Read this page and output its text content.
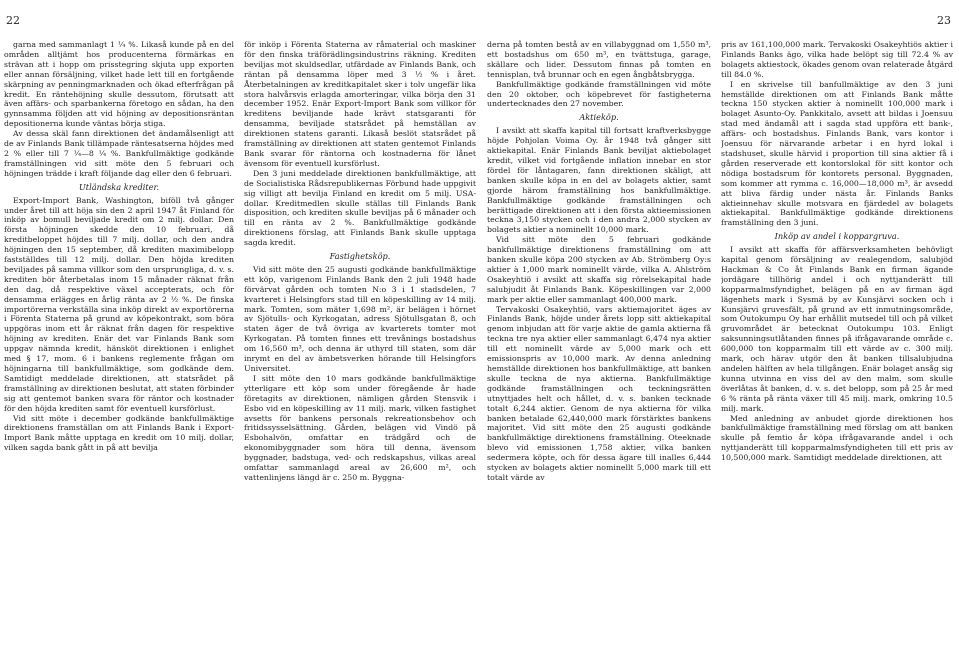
22

garna med sammanlagt 1 ¼ %. Likaså kunde på en del områden alltjämt hos producenterna förmärkas en strävan att i hopp om prisstegring skjuta upp exporten eller annan försäljning, vilket hade lett till en fortgående skärpning av penningmarknaden och ökad efterfrågan på kredit. En räntehöjning skulle dessutom, förutsatt att även affärs- och sparbankerna företogo en sådan, ha den gynnsamma följden att vid höjning av depositionsräntan depositionerna kunde väntas börja stiga.

Av dessa skäl fann direktionen det ändamålsenligt att de av Finlands Bank tillämpade räntesatserna höjdes med 2 % eller till 7 ¼—8 ¼ %. Bankfullmäktige godkände framställningen vid sitt möte den 5 februari och höjningen trädde i kraft följande dag eller den 6 februari.

Utländska krediter.

Export-Import Bank, Washington, biföll två gånger under året till att höja sin den 2 april 1947 åt Finland för inköp av bomull beviljade kredit om 2 milj. dollar. Den första höjningen skedde den 10 februari, då kreditbeloppet höjdes till 7 milj. dollar, och den andra höjningen den 15 september, då krediten maximibelopp fastställdes till 12 milj. dollar. Den höjda krediten beviljades på samma villkor som den ursprungliga, d. v. s. krediten bör återbetalas inom 15 månader räknat från den dag, då respektive växel accepterats, och för densamma erlägges en årlig ränta av 2 ½ %. De finska importörerna verkställa sina inköp direkt av exportörerna i Förenta Staterna på grund av köpekontrakt, som böra uppgöras inom ett år räknat från dagen för respektive höjning av krediten. Enär det var Finlands Bank som uppgav nämnda kredit, hänsköt direktionen i enlighet med § 17, mom. 6 i bankens reglemente frågan om höjningarna till bankfullmäktige, som godkände dem. Samtidigt meddelade direktionen, att statsrådet på framställning av direktionen beslutat, att staten förbinder sig att gentemot banken svara för räntor och kostnader för den höjda krediten samt för eventuell kursförlust.

Vid sitt möte i december godkände bankfullmäktige direktionens framställan om att Finlands Bank i Export-Import Bank måtte upptaga en kredit om 10 milj. dollar, vilken sagda bank gått in på att bevilja

för inköp i Förenta Staterna av råmaterial och maskiner för den finska träförädlingsindustrins räkning. Krediten beviljas mot skuldsedlar, utfärdade av Finlands Bank, och räntan på densamma löper med 3 ½ % i året. Återbetalningen av kreditkapitalet sker i tolv ungefär lika stora halvårsvis erlagda amorteringar, vilka börja den 31 december 1952. Enär Export-Import Bank som villkor för kreditens beviljande hade krävt statsgaranti för densamma, beviljade statsrådet på hemställan av direktionen statens garanti. Likaså beslöt statsrådet på framställning av direktionen att staten gentemot Finlands Bank svarar för räntorna och kostnaderna för lånet ävensom för eventuell kursförlust.

Den 3 juni meddelade direktionen bankfullmäktige, att de Socialistiska Rådsrepublikernas Förbund hade uppgivit sig villigt att bevilja Finland en kredit om 5 milj. USA-dollar. Kreditmedlen skulle ställas till Finlands Bank disposition, och krediten skulle beviljas på 6 månader och till en ränta av 2 %. Bankfullmäktige godkände direktionens förslag, att Finlands Bank skulle upptaga sagda kredit.

Fastighetsköp.

Vid sitt möte den 25 augusti godkände bankfullmäktige ett köp, varigenom Finlands Bank den 2 juli 1948 hade förvärvat gården och tomten N:o 3 i 1 stadsdelen, 7 kvarteret i Helsingfors stad till en köpeskilling av 14 milj. mark. Tomten, som mäter 1,698 m², är belägen i hörnet av Sjötulls- och Kyrkogatan, adress Sjötullsgatan 8, och staten äger de två övriga av kvarterets tomter mot Kyrkogatan. På tomten finnes ett trevånings bostadshus om 16,560 m³, och denna är uthyrd till staten, som där inrymt en del av ämbetsverken hörande till Helsingfors Universitet.

I sitt möte den 10 mars godkände bankfullmäktige ytterligare ett köp som under föregående år hade företagits av direktionen, nämligen gården Stensvik i Esbo vid en köpeskilling av 11 milj. mark, vilken fastighet avsetts för bankens personals rekreationsbehov och fritidssysselsättning. Gården, belägen vid Vindö på Esbohalvön, omfattar en trädgård och de ekonomibyggnader som höra till denna, ävensom byggnader, badstuga, ved- och redskapshus, vilkas areal omfattar sammanlagd areal av 26,600 m², och vattenlinjens längd är c. 250 m. Byggna-

23

derna på tomten bestå av en villabyggnad om 1,550 m³, ett bostadshus om 650 m³, en tvättstuga, garage, skällare och lider. Dessutom finnas på tomten en tennisplan, två brunnar och en egen ångbåtsbrygga.

Bankfullmäktige godkände framställningen vid möte den 20 oktober, och köpebrevet för fastigheterna undertecknades den 27 november.

Aktieköp.

I avsikt att skaffa kapital till fortsatt kraftverksbygge höjde Pohjolan Voima Oy. år 1948 två gånger sitt aktiekapital. Enär Finlands Bank beviljat aktiebolaget kredit, vilket vid fortgående inflation innebar en stor fördel för låntagaren, fann direktionen skäligt, att banken skulle köpa in en del av bolagets aktier, samt gjorde härom framställning hos bankfullmäktige. Bankfullmäktige godkände framställningen och berättigade direktionen att i den första aktieemissionen teckna 3,150 stycken och i den andra 2,000 stycken av bolagets aktier a nominellt 10,000 mark.

Vid sitt möte den 5 februari godkände bankfullmäktige direktionens framställning om att banken skulle köpa 200 stycken av Ab. Strömberg Oy:s aktier à 1,000 mark nominellt värde, vilka A. Ahlström Osakeyhtiö i avsikt att skaffa sig rörelsekapital hade salubjudit åt Finlands Bank. Köpeskillingen var 2,000 mark per aktie eller sammanlagt 400,000 mark.

Tervakoski Osakeyhtiö, vars aktiemajoritet äges av Finlands Bank, höjde under årets lopp sitt aktiekapital genom inbjudan att för varje aktie de gamla aktierna få teckna tre nya aktier eller sammanlagt 6,474 nya aktier till ett nominellt värde av 5,000 mark och ett emissionspris av 10,000 mark. Av denna anledning hemställde direktionen hos bankfullmäktige, att banken skulle teckna de nya aktierna. Bankfullmäktige godkände framställningen och teckningsrätten utnyttjades helt och hållet, d. v. s. banken tecknade totalt 6,244 aktier. Genom de nya aktierna för vilka banken betalade 62,440,000 mark förstärktes bankens majoritet. Vid sitt möte den 25 augusti godkände bankfullmäktige direktionens framställning. Oteeknade blevo vid emissionen 1,758 aktier, vilka banken sedermera köpte, och för dessa ägare till inalles 6,444 stycken av bolagets aktier nominellt 5,000 mark till ett totalt värde av

pris av 161,100,000 mark. Tervakoski Osakeyhtiös aktier i Finlands Banks ägo, vilka hade belöpt sig till 72.4 % av bolagets aktiestock, ökades genom ovan relaterade åtgärd till 84.0 %.

I en skrivelse till banfullmäktige av den 3 juni hemställde direktionen om att Finlands Bank måtte teckna 150 stycken aktier à nominellt 100,000 mark i bolaget Asunto-Oy. Pankkitalo, avsett att bildas i Joensuu stad med ändamål att i sagda stad uppföra ett bank-, affärs- och bostadshus. Finlands Bank, vars kontor i Joensuu för närvarande arbetar i en hyrd lokal i stadshuset, skulle härvid i proportion till sina aktier få i gården reserverade ett kontorslokal för sitt kontor och nödiga bostadsrum för kontorets personal. Byggnaden, som kommer att rymma c. 16,000—18,000 m³, är avsedd att bliva färdig under nästa år. Finlands Banks aktieinnehav skulle motsvara en fjärdedel av bolagets aktiekapital. Bankfullmäktige godkände direktionens framställning den 3 juni.

Inköp av andel i koppargruva.

I avsikt att skaffa för affärsverksamheten behövligt kapital genom försäljning av realegendom, salubjöd Hackman & Co åt Finlands Bank en firman ägande jordägare tillhörig andel i och nyttjanderätt till kopparmalmsfyndighet, belägen på en av firman ägd lägenhets mark i Sysmä by av Kunsjärvi socken och i Kunsjärvi gruvesfält, på grund av ett inmutningsområde, som Outokumpu Oy har erhållit mutsedel till och på vilket gruvområdet är betecknat Outokumpu 103. Enligt saksunningsutlåtanden finnes på ifrågavarande område c. 600,000 ton kopparmalm till ett värde av c. 300 milj. mark, och härav utgör den åt banken tillsalubjudna andelen hälften av hela tillgången. Enär bolaget ansåg sig kunna utvinna en viss del av den malm, som skulle överlåtas åt banken, d. v. s. det belopp, som på 25 år med 6 % ränta på ränta växer till 45 milj. mark, omkring 10.5 milj. mark.

Med anledning av anbudet gjorde direktionen hos bankfullmäktige framställning med förslag om att banken skulle på femtio år köpa ifrågavarande andel i och nyttjanderätt till kopparmalmsfyndigheten till ett pris av 10,500,000 mark. Samtidigt meddelade direktionen, att
